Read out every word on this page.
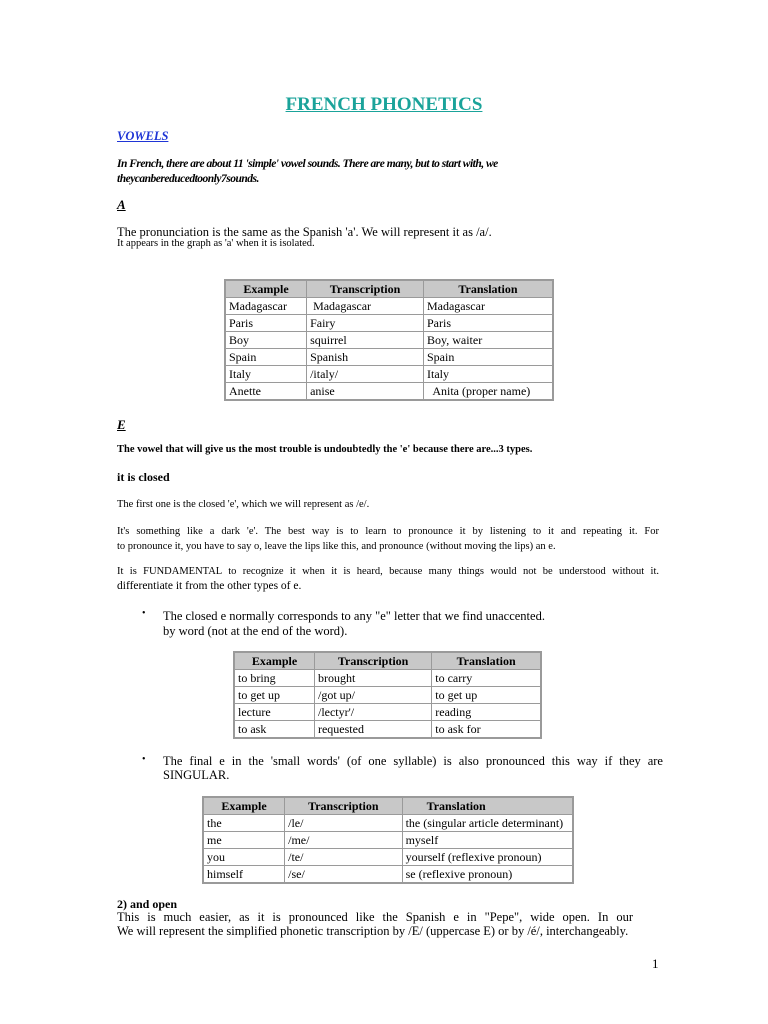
FRENCH PHONETICS
VOWELS
In French, there are about 11 'simple' vowel sounds. There are many, but to start with, we
theycanbereducedtoonly7sounds.
A
The pronunciation is the same as the Spanish 'a'. We will represent it as /a/.
It appears in the graph as 'a' when it is isolated.
Example	Transcription	Translation
Madagascar	Madagascar	Madagascar
Paris	Fairy	Paris
Boy	squirrel	Boy, waiter
Spain	Spanish	Spain
Italy	/italy/	Italy
Anette	anise	Anita (proper name)
E
The vowel that will give us the most trouble is undoubtedly the 'e' because there are...3 types.
it is closed
The first one is the closed 'e', which we will represent as /e/.
It's something like a dark 'e'. The best way is to learn to pronounce it by listening to it and repeating it. For
to pronounce it, you have to say o, leave the lips like this, and pronounce (without moving the lips) an e.
It is FUNDAMENTAL to recognize it when it is heard, because many things would not be understood without it.
differentiate it from the other types of e.
• The closed e normally corresponds to any "e" letter that we find unaccented.
by word (not at the end of the word).
Example	Transcription	Translation
to bring	brought	to carry
to get up	/got up/	to get up
lecture	/lectyr'/	reading
to ask	requested	to ask for
• The final e in the 'small words' (of one syllable) is also pronounced this way if they are
SINGULAR.
Example	Transcription	Translation
the	/le/	the (singular article determinant)
me	/me/	myself
you	/te/	yourself (reflexive pronoun)
himself	/se/	se (reflexive pronoun)
2) and open
This is much easier, as it is pronounced like the Spanish e in "Pepe", wide open. In our
We will represent the simplified phonetic transcription by /E/ (uppercase E) or by /é/, interchangeably.
1
